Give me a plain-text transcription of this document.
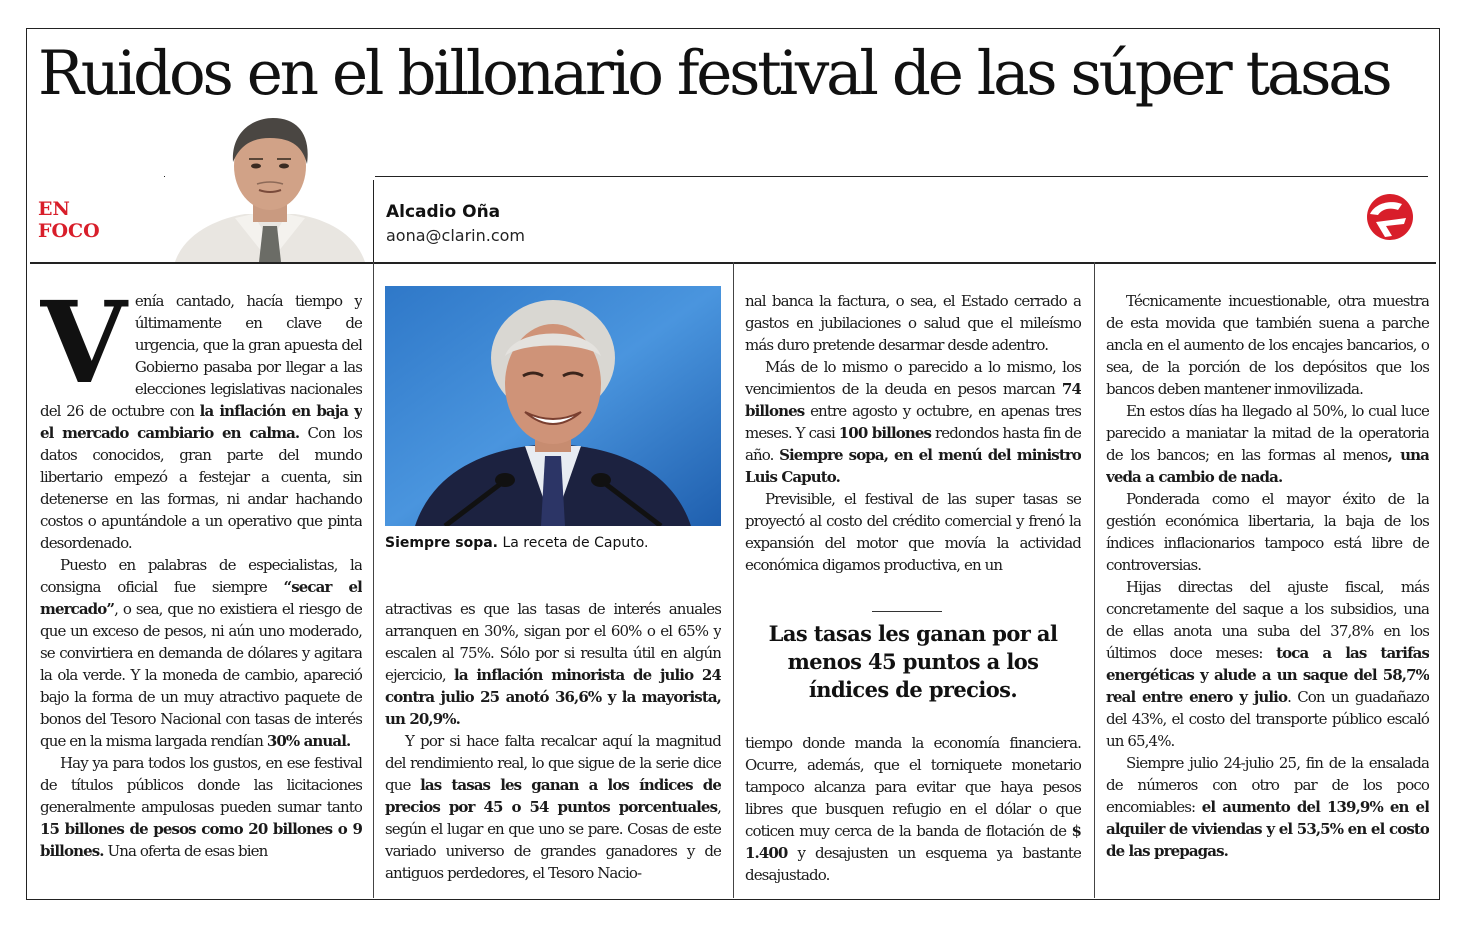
Ruidos en el billonario festival de las súper tasas
EN
FOCO
Alcadio Oña
aona@clarin.com

Venía cantado, hacía tiempo y últimamente en clave de urgencia, que la gran apuesta del Gobierno pasaba por llegar a las elecciones legislativas nacionales del 26 de octubre con la inflación en baja y el mercado cambiario en calma. Con los datos conocidos, gran parte del mundo libertario empezó a festejar a cuenta, sin detenerse en las formas, ni andar hachando costos o apuntándole a un operativo que pinta desordenado.

Puesto en palabras de especialistas, la consigna oficial fue siempre “secar el mercado”, o sea, que no existiera el riesgo de que un exceso de pesos, ni aún uno moderado, se convirtiera en demanda de dólares y agitara la ola verde. Y la moneda de cambio, apareció bajo la forma de un muy atractivo paquete de bonos del Tesoro Nacional con tasas de interés que en la misma largada rendían 30% anual.

Hay ya para todos los gustos, en ese festival de títulos públicos donde las licitaciones generalmente ampulosas pueden sumar tanto 15 billones de pesos como 20 billones o 9 billones. Una oferta de esas bien

Siempre sopa. La receta de Caputo.

atractivas es que las tasas de interés anuales arranquen en 30%, sigan por el 60% o el 65% y escalen al 75%. Sólo por si resulta útil en algún ejercicio, la inflación minorista de julio 24 contra julio 25 anotó 36,6% y la mayorista, un 20,9%.

Y por si hace falta recalcar aquí la magnitud del rendimiento real, lo que sigue de la serie dice que las tasas les ganan a los índices de precios por 45 o 54 puntos porcentuales, según el lugar en que uno se pare. Cosas de este variado universo de grandes ganadores y de antiguos perdedores, el Tesoro Nacio-

nal banca la factura, o sea, el Estado cerrado a gastos en jubilaciones o salud que el mileísmo más duro pretende desarmar desde adentro.

Más de lo mismo o parecido a lo mismo, los vencimientos de la deuda en pesos marcan 74 billones entre agosto y octubre, en apenas tres meses. Y casi 100 billones redondos hasta fin de año. Siempre sopa, en el menú del ministro Luis Caputo.

Previsible, el festival de las super tasas se proyectó al costo del crédito comercial y frenó la expansión del motor que movía la actividad económica digamos productiva, en un

Las tasas les ganan por al menos 45 puntos a los índices de precios.

tiempo donde manda la economía financiera. Ocurre, además, que el torniquete monetario tampoco alcanza para evitar que haya pesos libres que busquen refugio en el dólar o que coticen muy cerca de la banda de flotación de $ 1.400 y desajusten un esquema ya bastante desajustado.

Técnicamente incuestionable, otra muestra de esta movida que también suena a parche ancla en el aumento de los encajes bancarios, o sea, de la porción de los depósitos que los bancos deben mantener inmovilizada.

En estos días ha llegado al 50%, lo cual luce parecido a maniatar la mitad de la operatoria de los bancos; en las formas al menos, una veda a cambio de nada.

Ponderada como el mayor éxito de la gestión económica libertaria, la baja de los índices inflacionarios tampoco está libre de controversias.

Hijas directas del ajuste fiscal, más concretamente del saque a los subsidios, una de ellas anota una suba del 37,8% en los últimos doce meses: toca a las tarifas energéticas y alude a un saque del 58,7% real entre enero y julio. Con un guadañazo del 43%, el costo del transporte público escaló un 65,4%.

Siempre julio 24-julio 25, fin de la ensalada de números con otro par de los poco encomiables: el aumento del 139,9% en el alquiler de viviendas y el 53,5% en el costo de las prepagas.
